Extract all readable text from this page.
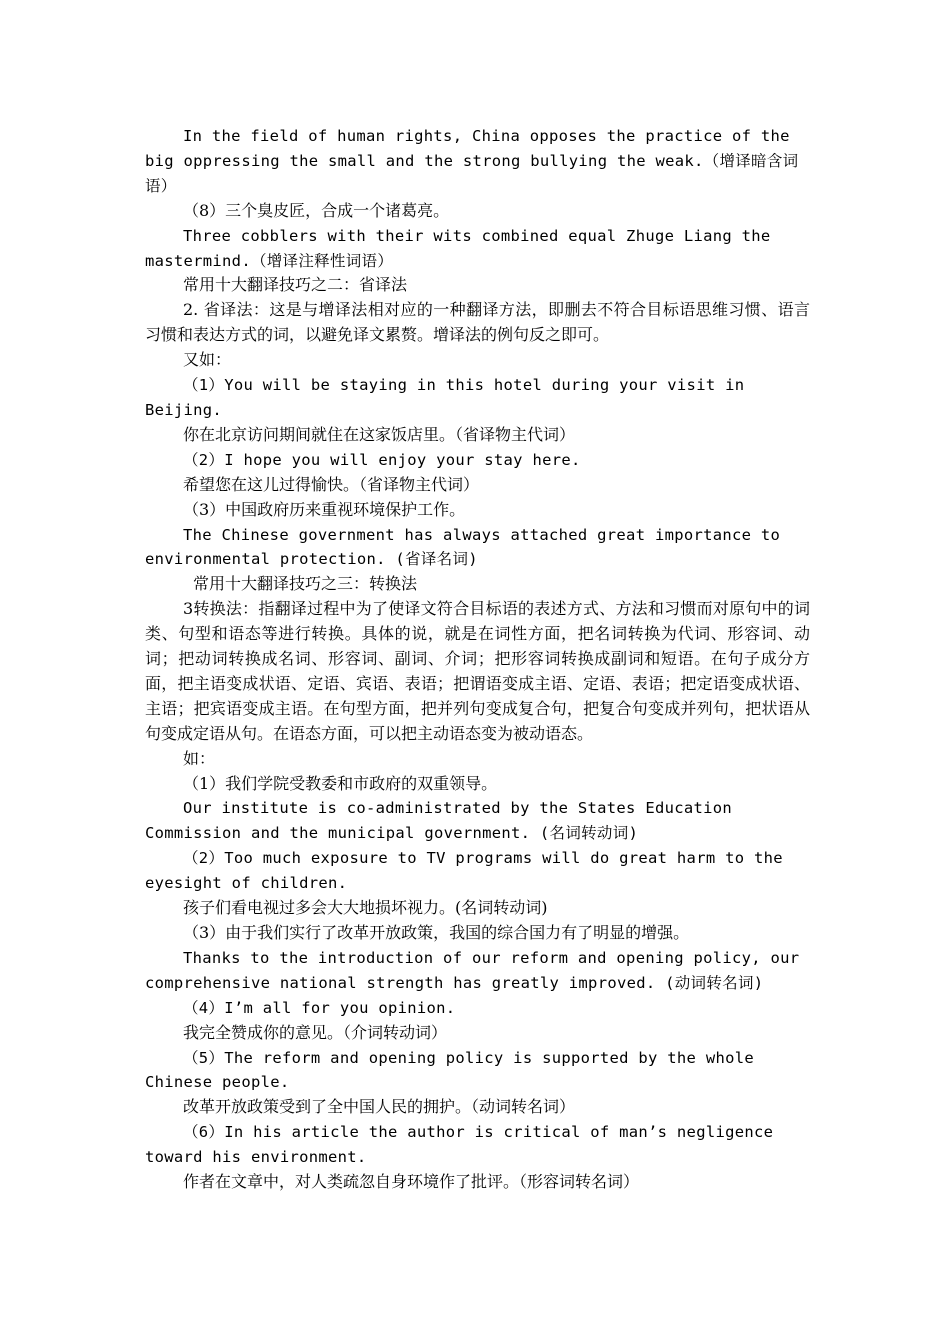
In the field of human rights, China opposes the practice of the big oppressing the small and the strong bullying the weak.（增译暗含词语）

（8）三个臭皮匠，合成一个诸葛亮。

Three cobblers with their wits combined equal Zhuge Liang the mastermind.（增译注释性词语）

常用十大翻译技巧之二：省译法

2. 省译法：这是与增译法相对应的一种翻译方法，即删去不符合目标语思维习惯、语言习惯和表达方式的词，以避免译文累赘。增译法的例句反之即可。

又如：

（1）You will be staying in this hotel during your visit in Beijing.

你在北京访问期间就住在这家饭店里。（省译物主代词）

（2）I hope you will enjoy your stay here.

希望您在这儿过得愉快。（省译物主代词）

（3）中国政府历来重视环境保护工作。

The Chinese government has always attached great importance to environmental protection. (省译名词)

常用十大翻译技巧之三：转换法

3转换法：指翻译过程中为了使译文符合目标语的表述方式、方法和习惯而对原句中的词类、句型和语态等进行转换。具体的说，就是在词性方面，把名词转换为代词、形容词、动词；把动词转换成名词、形容词、副词、介词；把形容词转换成副词和短语。在句子成分方面，把主语变成状语、定语、宾语、表语；把谓语变成主语、定语、表语；把定语变成状语、主语；把宾语变成主语。在句型方面，把并列句变成复合句，把复合句变成并列句，把状语从句变成定语从句。在语态方面，可以把主动语态变为被动语态。

如：

（1）我们学院受教委和市政府的双重领导。

Our institute is co-administrated by the States Education Commission and the municipal government. (名词转动词)

（2）Too much exposure to TV programs will do great harm to the eyesight of children.

孩子们看电视过多会大大地损坏视力。(名词转动词)

（3）由于我们实行了改革开放政策，我国的综合国力有了明显的增强。

Thanks to the introduction of our reform and opening policy, our comprehensive national strength has greatly improved. (动词转名词)

（4）I’m all for you opinion.

我完全赞成你的意见。（介词转动词）

（5）The reform and opening policy is supported by the whole Chinese people.

改革开放政策受到了全中国人民的拥护。（动词转名词）

（6）In his article the author is critical of man’s negligence toward his environment.

作者在文章中，对人类疏忽自身环境作了批评。（形容词转名词）
